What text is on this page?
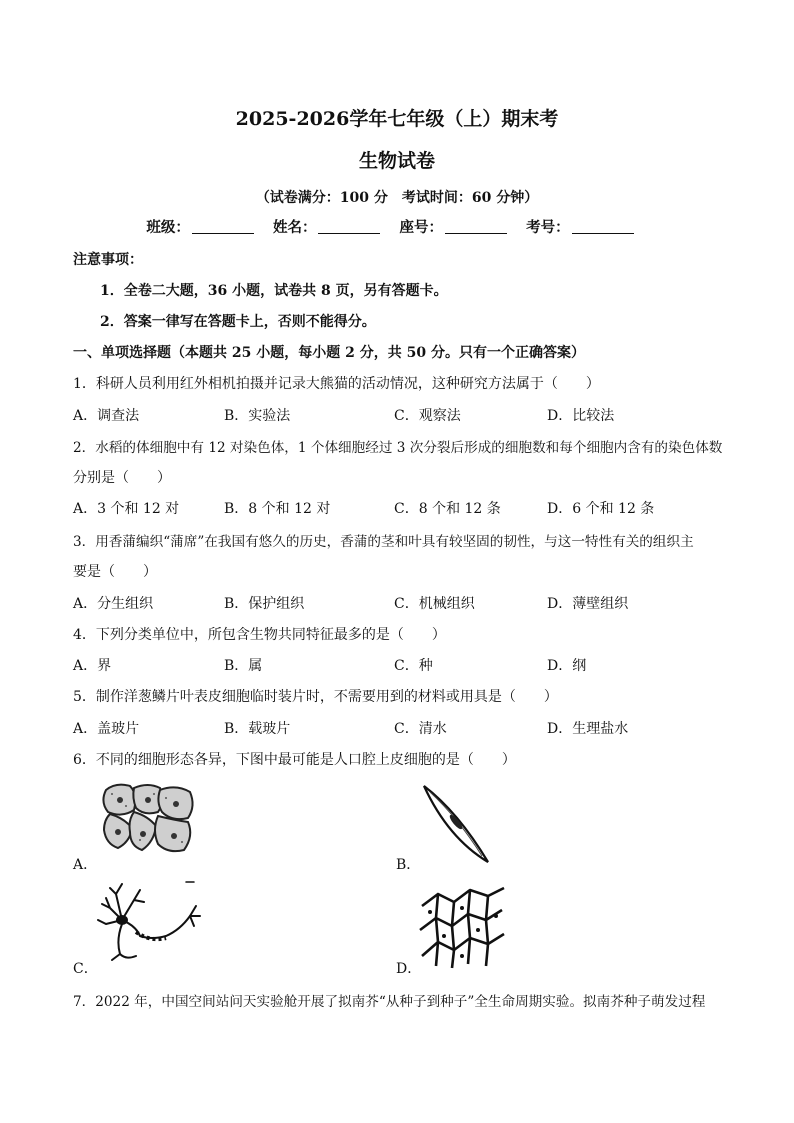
2025-2026学年七年级（上）期末考
生物试卷
（试卷满分：100 分　考试时间：60 分钟）
班级：	姓名：	座号：	考号：
注意事项：
1．全卷二大题，36 小题，试卷共 8 页，另有答题卡。
2．答案一律写在答题卡上，否则不能得分。
一、单项选择题（本题共 25 小题，每小题 2 分，共 50 分。只有一个正确答案）
1．科研人员利用红外相机拍摄并记录大熊猫的活动情况，这种研究方法属于（　　）
A．调查法	B．实验法	C．观察法	D．比较法
2．水稻的体细胞中有 12 对染色体，1 个体细胞经过 3 次分裂后形成的细胞数和每个细胞内含有的染色体数
分别是（　　）
A．3 个和 12 对	B．8 个和 12 对	C．8 个和 12 条	D．6 个和 12 条
3．用香蒲编织“蒲席”在我国有悠久的历史，香蒲的茎和叶具有较坚固的韧性，与这一特性有关的组织主
要是（　　）
A．分生组织	B．保护组织	C．机械组织	D．薄壁组织
4．下列分类单位中，所包含生物共同特征最多的是（　　）
A．界	B．属	C．种	D．纲
5．制作洋葱鳞片叶表皮细胞临时装片时，不需要用到的材料或用具是（　　）
A．盖玻片	B．载玻片	C．清水	D．生理盐水
6．不同的细胞形态各异，下图中最可能是人口腔上皮细胞的是（　　）
A．	B．
C．	D．
7．2022 年，中国空间站问天实验舱开展了拟南芥“从种子到种子”全生命周期实验。拟南芥种子萌发过程
